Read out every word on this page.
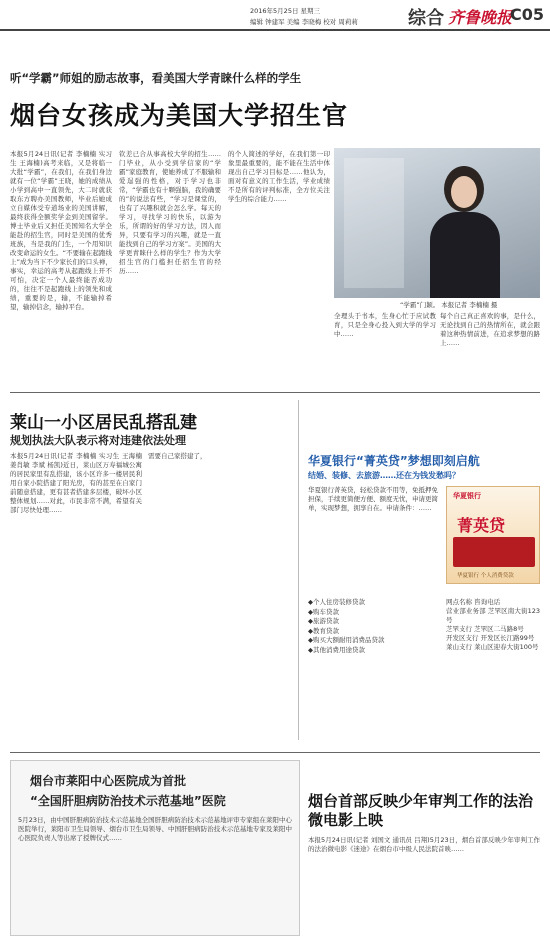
2016年5月25日 星期三
编辑 钟建军 美编 李晓梅 校对 周莉莉	综合 齐鲁晚报
C05
听“学霸”师姐的励志故事，看美国大学青睐什么样的学生
烟台女孩成为美国大学招生官
本报5月24日讯(记者 李楠楠 实习生 王海楠)高考来临，又是将临一大批“学霸”，在我们，在我们身边就有一位“学霸”王晓，她的成绩从小学到高中一直领先，大二时就获取东方聘办美国教师，毕业后她成立自媒体受专道场业的美国讲解，最终获得全额奖学金到美国留学。博士毕业后又担任美国知名大学全能赴的招生官，同时是美国的优秀班族，当是我的门生，一个用知识改变命运的女生。“不要输在起跑线上”成为当下不少家长们的口头禅，事实，幸运的高考从起跑线上开不可怕，决定一个人最终能否成功的，往往不是起跑线上的领先和成绩，重要的是，输，不能输掉希望，输掉信念，输掉平台。
钦差已合从事高校大学的招生……门毕业，从小受到学信家的“学霸”家庭教育，使她养成了不服输和爱逞强的性格，对于学习也非常，“学霸也有十颗强脑，我的确要的”的说法有些，“学习是课堂的，也有了兴趣积就会怎么学。每天的学习，寻找学习的快乐，以游为乐，所谓的好的学习方法，因人而异，只要有学习的兴趣，就是一直能找到自己的学习方案”。美国的大学更青睐什么样的学生？作为大学招生官的门槛担任招生官的经历……
的个人简述的学好，在我们第一印象里最重要的，能不能在生活中体现出自己学习目标是……他认为，面对有意义的工作生活，学业成绩不是所有的评判标准，全方位关注学生的综合能力……
“学霸”门颖。 本报记者 李楠楠 摄
全理头于书本，生身心忙于应试教育，只是全身心投入到大学的学习中……
每个自己真正喜欢的事，是什么，无论找到自己的热情所在，就会跟着这种热情前进，在追求梦想的路上……
莱山一小区居民乱搭乱建
规划执法大队表示将对违建依法处理
本报5月24日讯(记者 李楠楠 实习生 王海楠 姜肖敏 李斌 杨凯)近日，莱山区万寿福城公寓的居民家里有乱搭建，该小区许多一楼居民利用自家小院搭建了阳光房，有的甚至在自家门前随意搭建，更有甚者搭建多层楼，破坏小区整体规划……对此，市民非常不满，希望有关部门尽快处理……
需要自己家搭建了，	华夏银行“菁英贷”梦想即刻启航
结婚、装修、去旅游……还在为钱发愁吗？
华夏银行菁英贷，轻松贷款不用等，免抵押免担保，手续更简便方便、额度无忧，申请更简单，实现梦想，拥享自在。申请条件：……
华夏银行
菁英贷
华夏银行 个人消费贷款
◆个人住房装修贷款
◆购车贷款
◆旅游贷款
◆教育贷款
◆购买大额耐用消费品贷款
◆其他消费用途贷款
网点名称 咨询电话
营业部业务部 芝罘区南大街123号
芝罘支行 芝罘区二马路8号
开发区支行 开发区长江路99号
莱山支行 莱山区迎春大街100号
烟台市莱阳中心医院成为首批
“全国肝胆病防治技术示范基地”医院
5月23日，由中国肝胆病防治技术示范基地全国肝胆病防治技术示范基地评审专家组在莱阳中心医院举行，莱阳市卫生局领导、烟台市卫生局领导、中国肝胆病防治技术示范基地专家及莱阳中心医院负责人等出席了授牌仪式……
烟台首部反映少年审判工作的法治微电影上映
本报5月24日讯(记者 刘国文 通讯员 吕翔)5月23日，烟台首部反映少年审判工作的法治微电影《迷途》在烟台市中级人民法院首映……
